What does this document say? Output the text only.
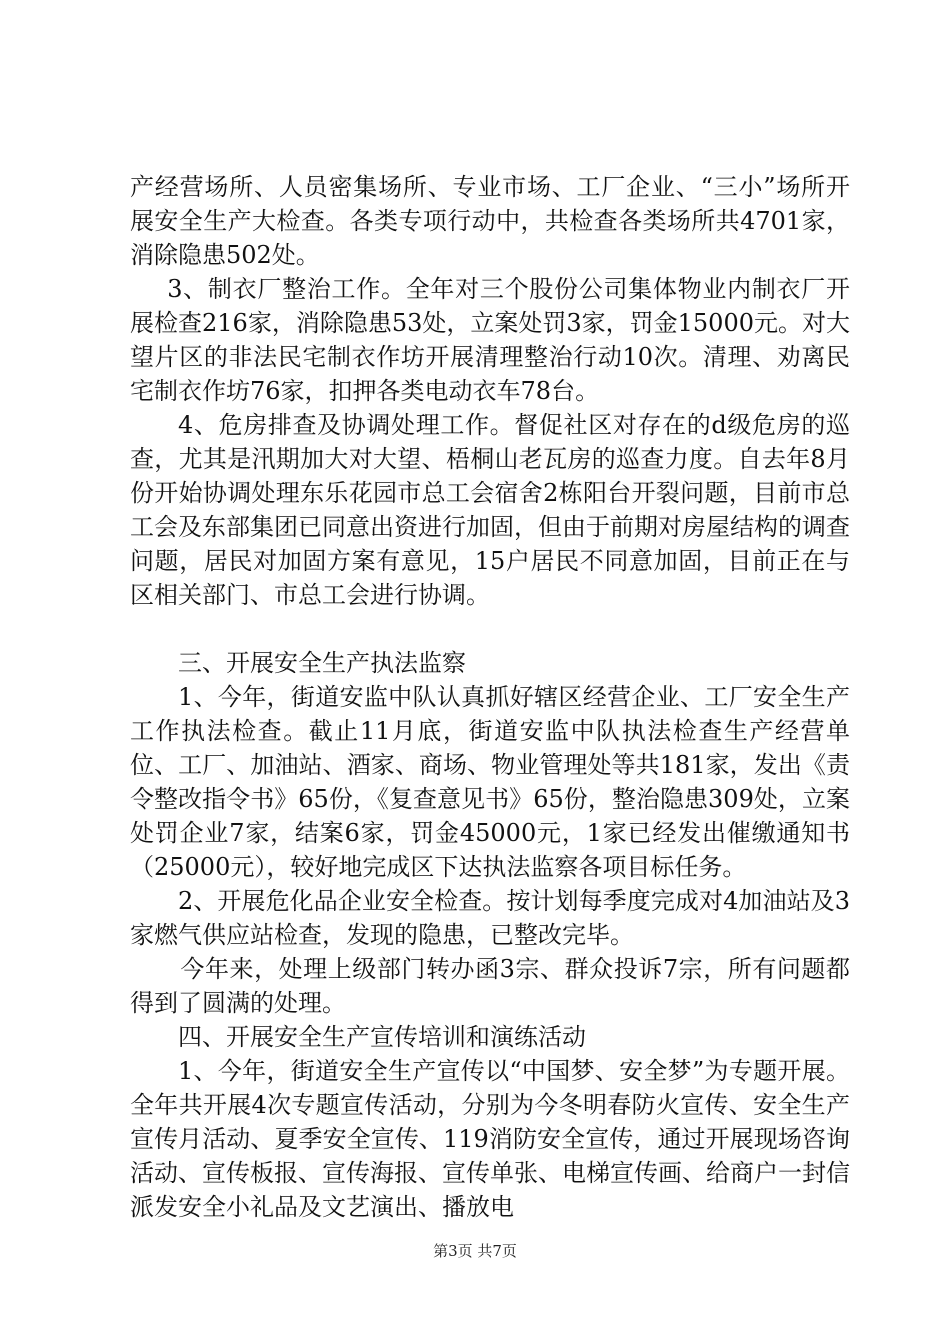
产经营场所、人员密集场所、专业市场、工厂企业、“三小”场所开展安全生产大检查。各类专项行动中，共检查各类场所共4701家，消除隐患502处。

3、制衣厂整治工作。全年对三个股份公司集体物业内制衣厂开展检查216家，消除隐患53处，立案处罚3家，罚金15000元。对大望片区的非法民宅制衣作坊开展清理整治行动10次。清理、劝离民宅制衣作坊76家，扣押各类电动衣车78台。

4、危房排查及协调处理工作。督促社区对存在的d级危房的巡查，尤其是汛期加大对大望、梧桐山老瓦房的巡查力度。自去年8月份开始协调处理东乐花园市总工会宿舍2栋阳台开裂问题，目前市总工会及东部集团已同意出资进行加固，但由于前期对房屋结构的调查问题，居民对加固方案有意见，15户居民不同意加固，目前正在与区相关部门、市总工会进行协调。

三、开展安全生产执法监察

1、今年，街道安监中队认真抓好辖区经营企业、工厂安全生产工作执法检查。截止11月底，街道安监中队执法检查生产经营单位、工厂、加油站、酒家、商场、物业管理处等共181家，发出《责令整改指令书》65份，《复查意见书》65份，整治隐患309处，立案处罚企业7家，结案6家，罚金45000元，1家已经发出催缴通知书（25000元），较好地完成区下达执法监察各项目标任务。

2、开展危化品企业安全检查。按计划每季度完成对4加油站及3家燃气供应站检查，发现的隐患，已整改完毕。

今年来，处理上级部门转办函3宗、群众投诉7宗，所有问题都得到了圆满的处理。

四、开展安全生产宣传培训和演练活动

1、今年，街道安全生产宣传以“中国梦、安全梦”为专题开展。全年共开展4次专题宣传活动，分别为今冬明春防火宣传、安全生产宣传月活动、夏季安全宣传、119消防安全宣传，通过开展现场咨询活动、宣传板报、宣传海报、宣传单张、电梯宣传画、给商户一封信派发安全小礼品及文艺演出、播放电

第3页 共7页
